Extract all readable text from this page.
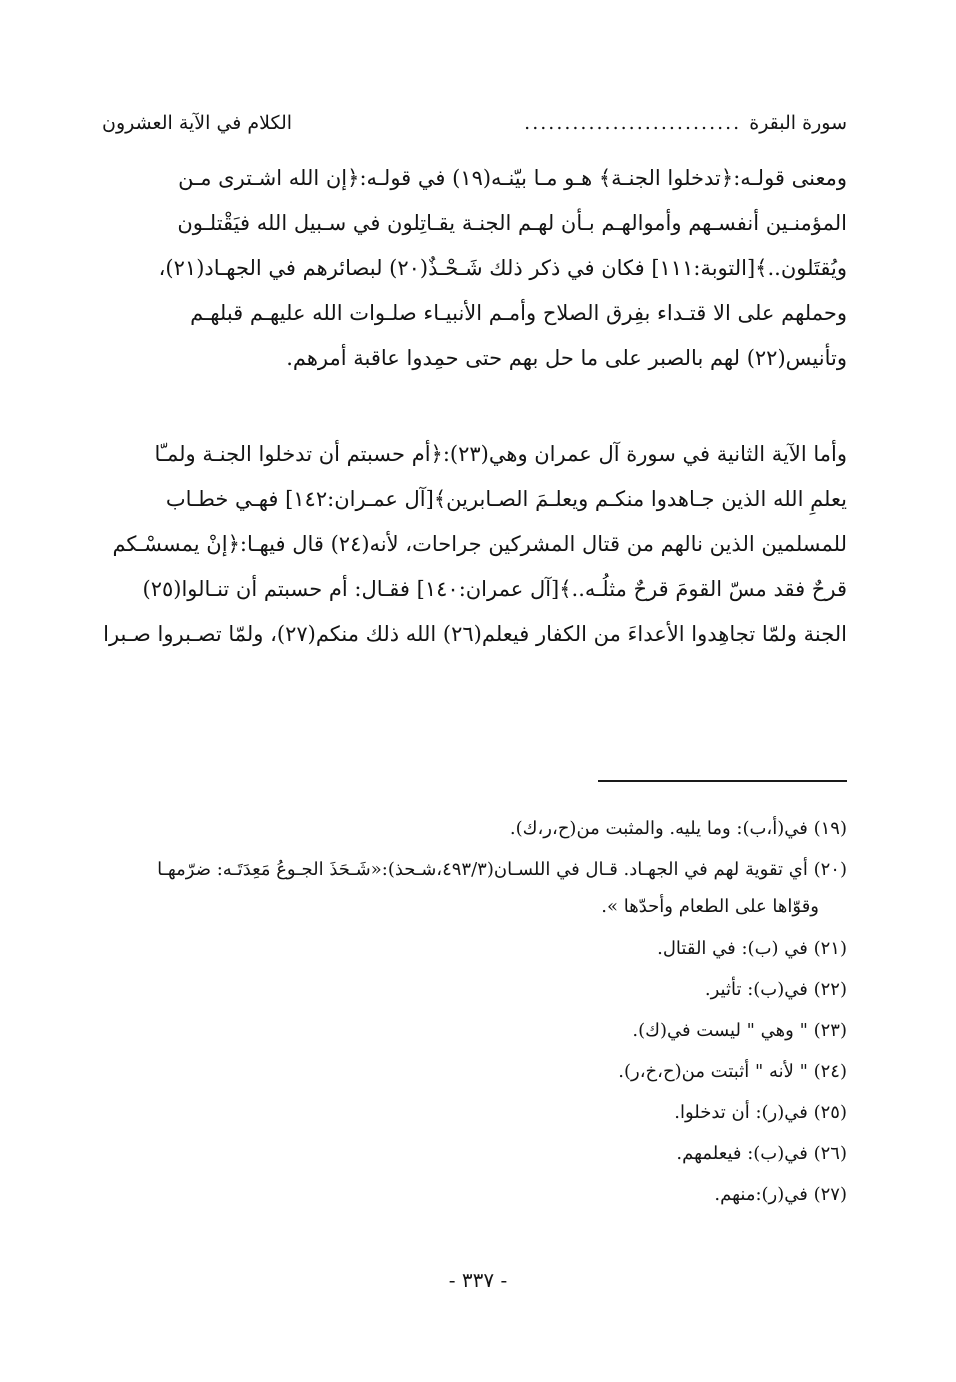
سورة البقرة
...........................
الكلام في الآية العشرون
ومعنى قولـه:﴿تدخلوا الجنـة﴾ هـو مـا بيّنـه(١٩) في قولـه:﴿إن الله اشـترى مـن
المؤمنـين أنفسـهم وأموالهـم بـأن لهـم الجنـة يقـاتِلون في سـبيل الله فيَقْتلـون
ويُقتَلون..﴾[التوبة:١١١] فكان في ذكر ذلك شَـحْـذٌ(٢٠) لبصائرهم في الجهـاد(٢١)،
وحملهم على الا قتـداء بفِرق الصلاح وأمـم الأنبيـاء صلـوات الله عليهـم قبلهـم
وتأنيس(٢٢) لهم بالصبر على ما حل بهم حتى حمِدوا عاقبة أمرهم.
وأما الآية الثانية في سورة آل عمران وهي(٢٣):﴿أم حسبتم أن تدخلوا الجنـة ولمـّا
يعلمِ الله الذين جـاهدوا منكـم ويعلـمَ الصـابرين﴾[آل عمـران:١٤٢] فهـي خطـاب
للمسلمين الذين نالهم من قتال المشركين جراحات، لأنه(٢٤) قال فيهـا:﴿إنْ يمسسْـكم
قرحٌ فقد مسّ القومَ قرحٌ مثلُـه..﴾[آل عمران:١٤٠] فقـال: أم حسبتم أن تنـالوا(٢٥)
الجنة ولمّا تجاهِدوا الأعداءَ من الكفار فيعلم(٢٦) الله ذلك منكم(٢٧)، ولمّا تصـبروا صـبرا
(١٩) في(أ،ب): وما يليه. والمثبت من(ح،ر،ك).
(٢٠) أي تقوية لهم في الجهـاد. قـال في اللسـان(٤٩٣/٣،شـحذ):«شَـحَذَ الجـوعُ مَعِدَتَـه: ضرّمهـا
وقوّاها على الطعام وأحدّها ».
(٢١) في (ب): في القتال.
(٢٢) في(ب): تأثير.
(٢٣) " وهي " ليست في(ك).
(٢٤) " لأنه " أثبتت من(ح،خ،ر).
(٢٥) في(ر): أن تدخلوا.
(٢٦) في(ب): فيعلمهم.
(٢٧) في(ر):منهم.
- ٣٣٧ -
